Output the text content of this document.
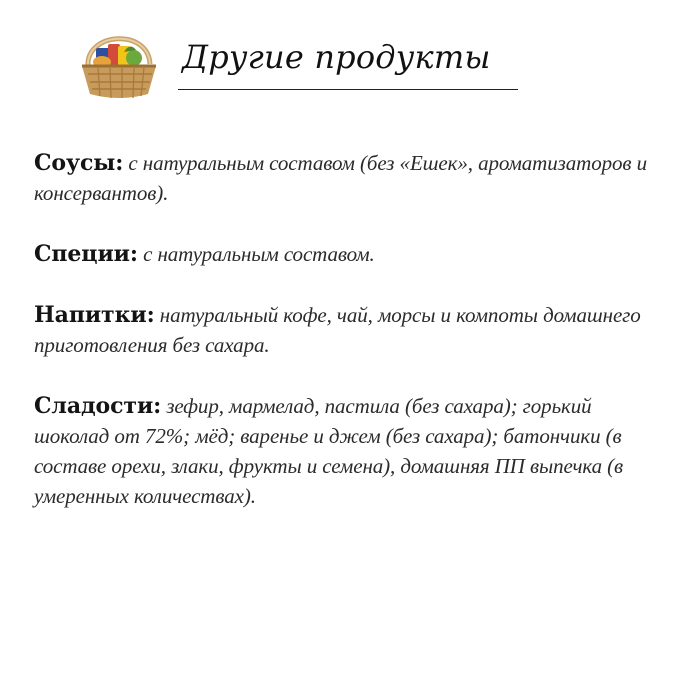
Другие продукты

Соусы: с натуральным составом (без «Ешек», ароматизаторов и консервантов).

Специи: с натуральным составом.

Напитки: натуральный кофе, чай, морсы и компоты домашнего приготовления без сахара.

Сладости: зефир, мармелад, пастила (без сахара); горький шоколад от 72%; мёд; варенье и джем (без сахара); батончики (в составе орехи, злаки, фрукты и семена), домашняя ПП выпечка (в умеренных количествах).
